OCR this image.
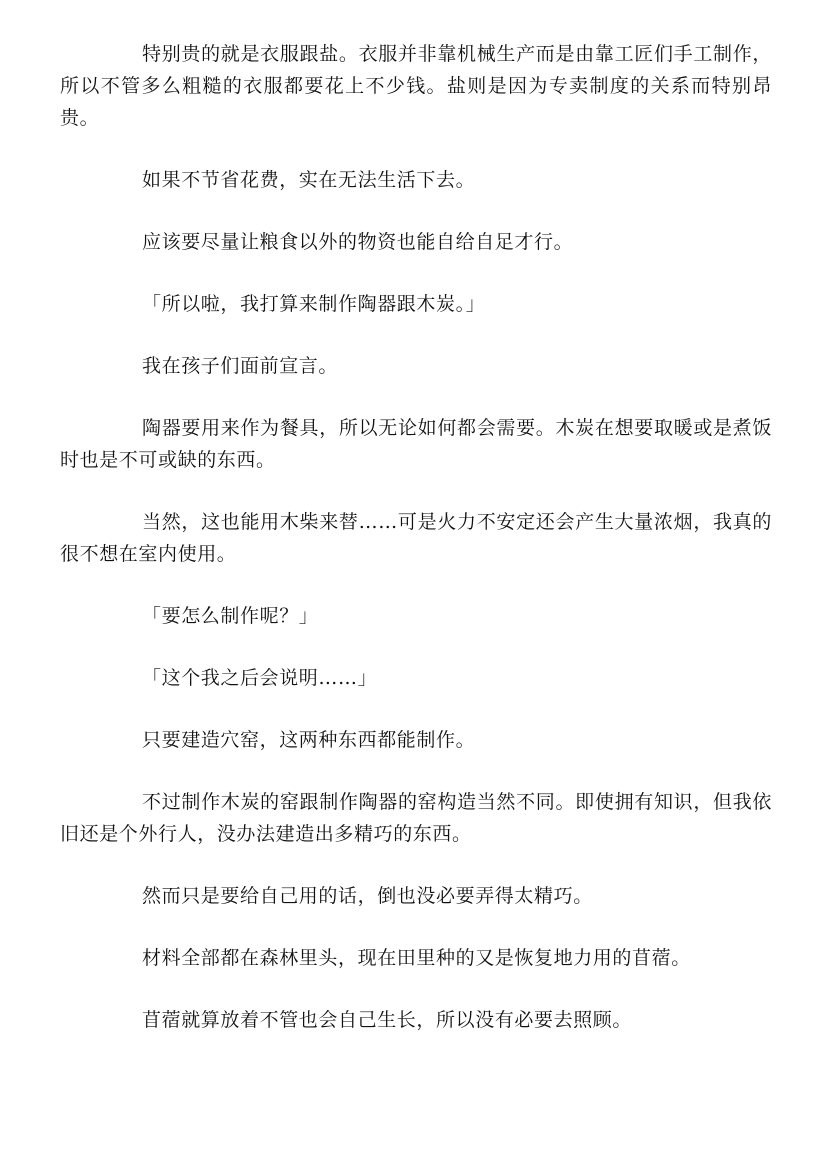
特别贵的就是衣服跟盐。衣服并非靠机械生产而是由靠工匠们手工制作，所以不管多么粗糙的衣服都要花上不少钱。盐则是因为专卖制度的关系而特别昂贵。

如果不节省花费，实在无法生活下去。

应该要尽量让粮食以外的物资也能自给自足才行。

「所以啦，我打算来制作陶器跟木炭。」

我在孩子们面前宣言。

陶器要用来作为餐具，所以无论如何都会需要。木炭在想要取暖或是煮饭时也是不可或缺的东西。

当然，这也能用木柴来替……可是火力不安定还会产生大量浓烟，我真的很不想在室内使用。

「要怎么制作呢？」

「这个我之后会说明……」

只要建造穴窑，这两种东西都能制作。

不过制作木炭的窑跟制作陶器的窑构造当然不同。即使拥有知识，但我依旧还是个外行人，没办法建造出多精巧的东西。

然而只是要给自己用的话，倒也没必要弄得太精巧。

材料全部都在森林里头，现在田里种的又是恢复地力用的苜蓿。

苜蓿就算放着不管也会自己生长，所以没有必要去照顾。
